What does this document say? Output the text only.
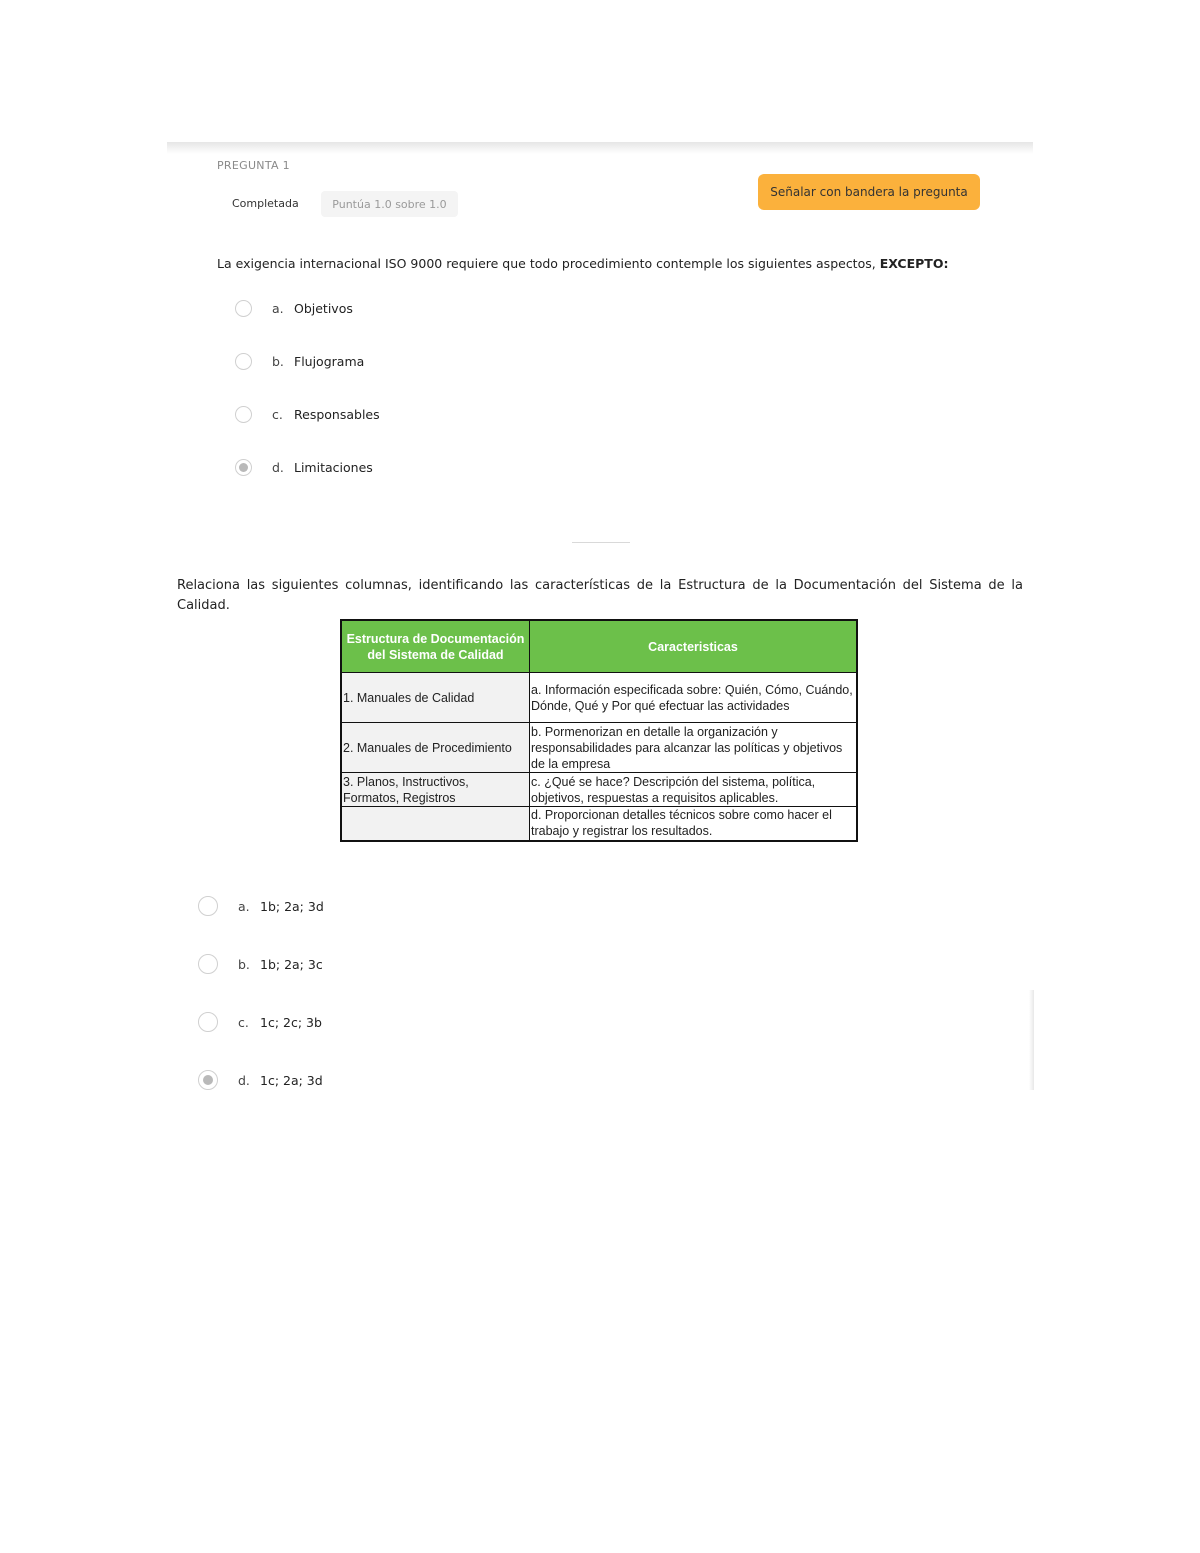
PREGUNTA 1
Completada	Puntúa 1.0 sobre 1.0
Señalar con bandera la pregunta
La exigencia internacional ISO 9000 requiere que todo procedimiento contemple los siguientes aspectos, EXCEPTO:
a. Objetivos
b. Flujograma
c. Responsables
d. Limitaciones
Relaciona las siguientes columnas, identificando las características de la Estructura de la Documentación del Sistema de la Calidad.
Estructura de Documentación del Sistema de Calidad	Caracteristicas
1. Manuales de Calidad	a. Información especificada sobre: Quién, Cómo, Cuándo, Dónde, Qué y Por qué efectuar las actividades
2. Manuales de Procedimiento	b. Pormenorizan en detalle la organización y responsabilidades para alcanzar las políticas y objetivos de la empresa
3. Planos, Instructivos, Formatos, Registros	c. ¿Qué se hace? Descripción del sistema, política, objetivos, respuestas a requisitos aplicables.
	d. Proporcionan detalles técnicos sobre como hacer el trabajo y registrar los resultados.
a. 1b; 2a; 3d
b. 1b; 2a; 3c
c. 1c; 2c; 3b
d. 1c; 2a; 3d
